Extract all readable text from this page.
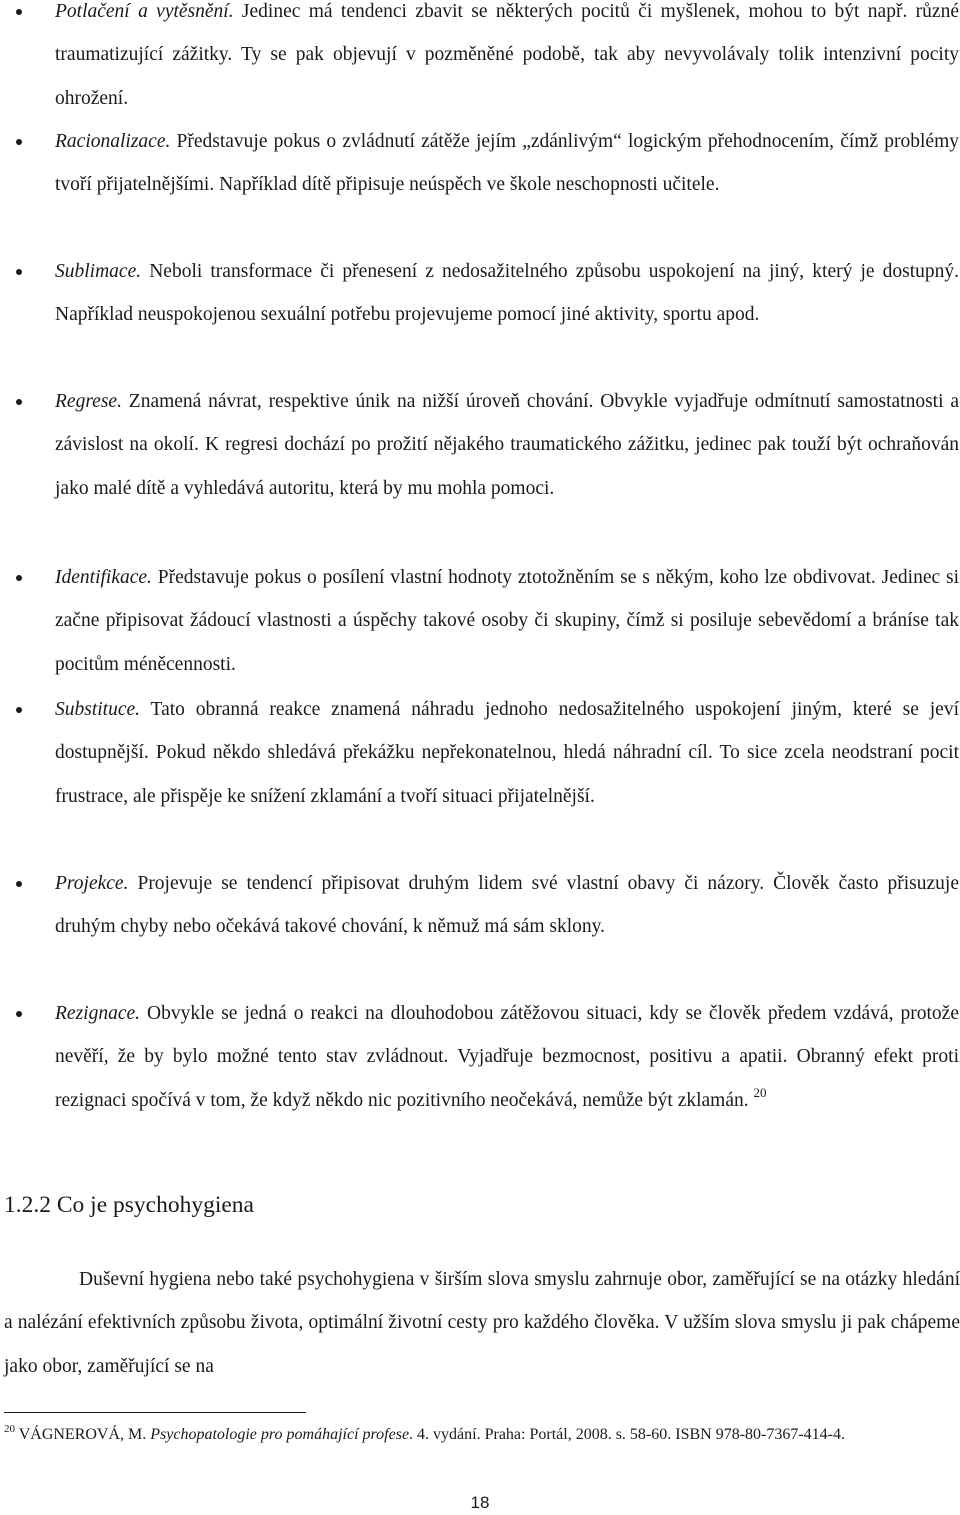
Potlačení a vytěsnění. Jedinec má tendenci zbavit se některých pocitů či myšlenek, mohou to být např. různé traumatizující zážitky. Ty se pak objevují v pozměněné podobě, tak aby nevyvolávaly tolik intenzivní pocity ohrožení.

Racionalizace. Představuje pokus o zvládnutí zátěže jejím „zdánlivým“ logickým přehodnocením, čímž problémy tvoří přijatelnějšími. Například dítě připisuje neúspěch ve škole neschopnosti učitele.

Sublimace. Neboli transformace či přenesení z nedosažitelného způsobu uspokojení na jiný, který je dostupný. Například neuspokojenou sexuální potřebu projevujeme pomocí jiné aktivity, sportu apod.

Regrese. Znamená návrat, respektive únik na nižší úroveň chování. Obvykle vyjadřuje odmítnutí samostatnosti a závislost na okolí. K regresi dochází po prožití nějakého traumatického zážitku, jedinec pak touží být ochraňován jako malé dítě a vyhledává autoritu, která by mu mohla pomoci.

Identifikace. Představuje pokus o posílení vlastní hodnoty ztotožněním se s někým, koho lze obdivovat. Jedinec si začne připisovat žádoucí vlastnosti a úspěchy takové osoby či skupiny, čímž si posiluje sebevědomí a bráníse tak pocitům méněcennosti.

Substituce. Tato obranná reakce znamená náhradu jednoho nedosažitelného uspokojení jiným, které se jeví dostupnější. Pokud někdo shledává překážku nepřekonatelnou, hledá náhradní cíl. To sice zcela neodstraní pocit frustrace, ale přispěje ke snížení zklamání a tvoří situaci přijatelnější.

Projekce. Projevuje se tendencí připisovat druhým lidem své vlastní obavy či názory. Člověk často přisuzuje druhým chyby nebo očekává takové chování, k němuž má sám sklony.

Rezignace. Obvykle se jedná o reakci na dlouhodobou zátěžovou situaci, kdy se člověk předem vzdává, protože nevěří, že by bylo možné tento stav zvládnout. Vyjadřuje bezmocnost, positivu a apatii. Obranný efekt proti rezignaci spočívá v tom, že když někdo nic pozitivního neočekává, nemůže být zklamán. $^{20}$

1.2.2 Co je psychohygiena

Duševní hygiena nebo také psychohygiena v širším slova smyslu zahrnuje obor, zaměřující se na otázky hledání a nalézání efektivních způsobu života, optimální životní cesty pro každého člověka. V užším slova smyslu ji pak chápeme jako obor, zaměřující se na

$^{20}$ VÁGNEROVÁ, M. Psychopatologie pro pomáhající profese. 4. vydání. Praha: Portál, 2008. s. 58-60. ISBN 978-80-7367-414-4.

18
